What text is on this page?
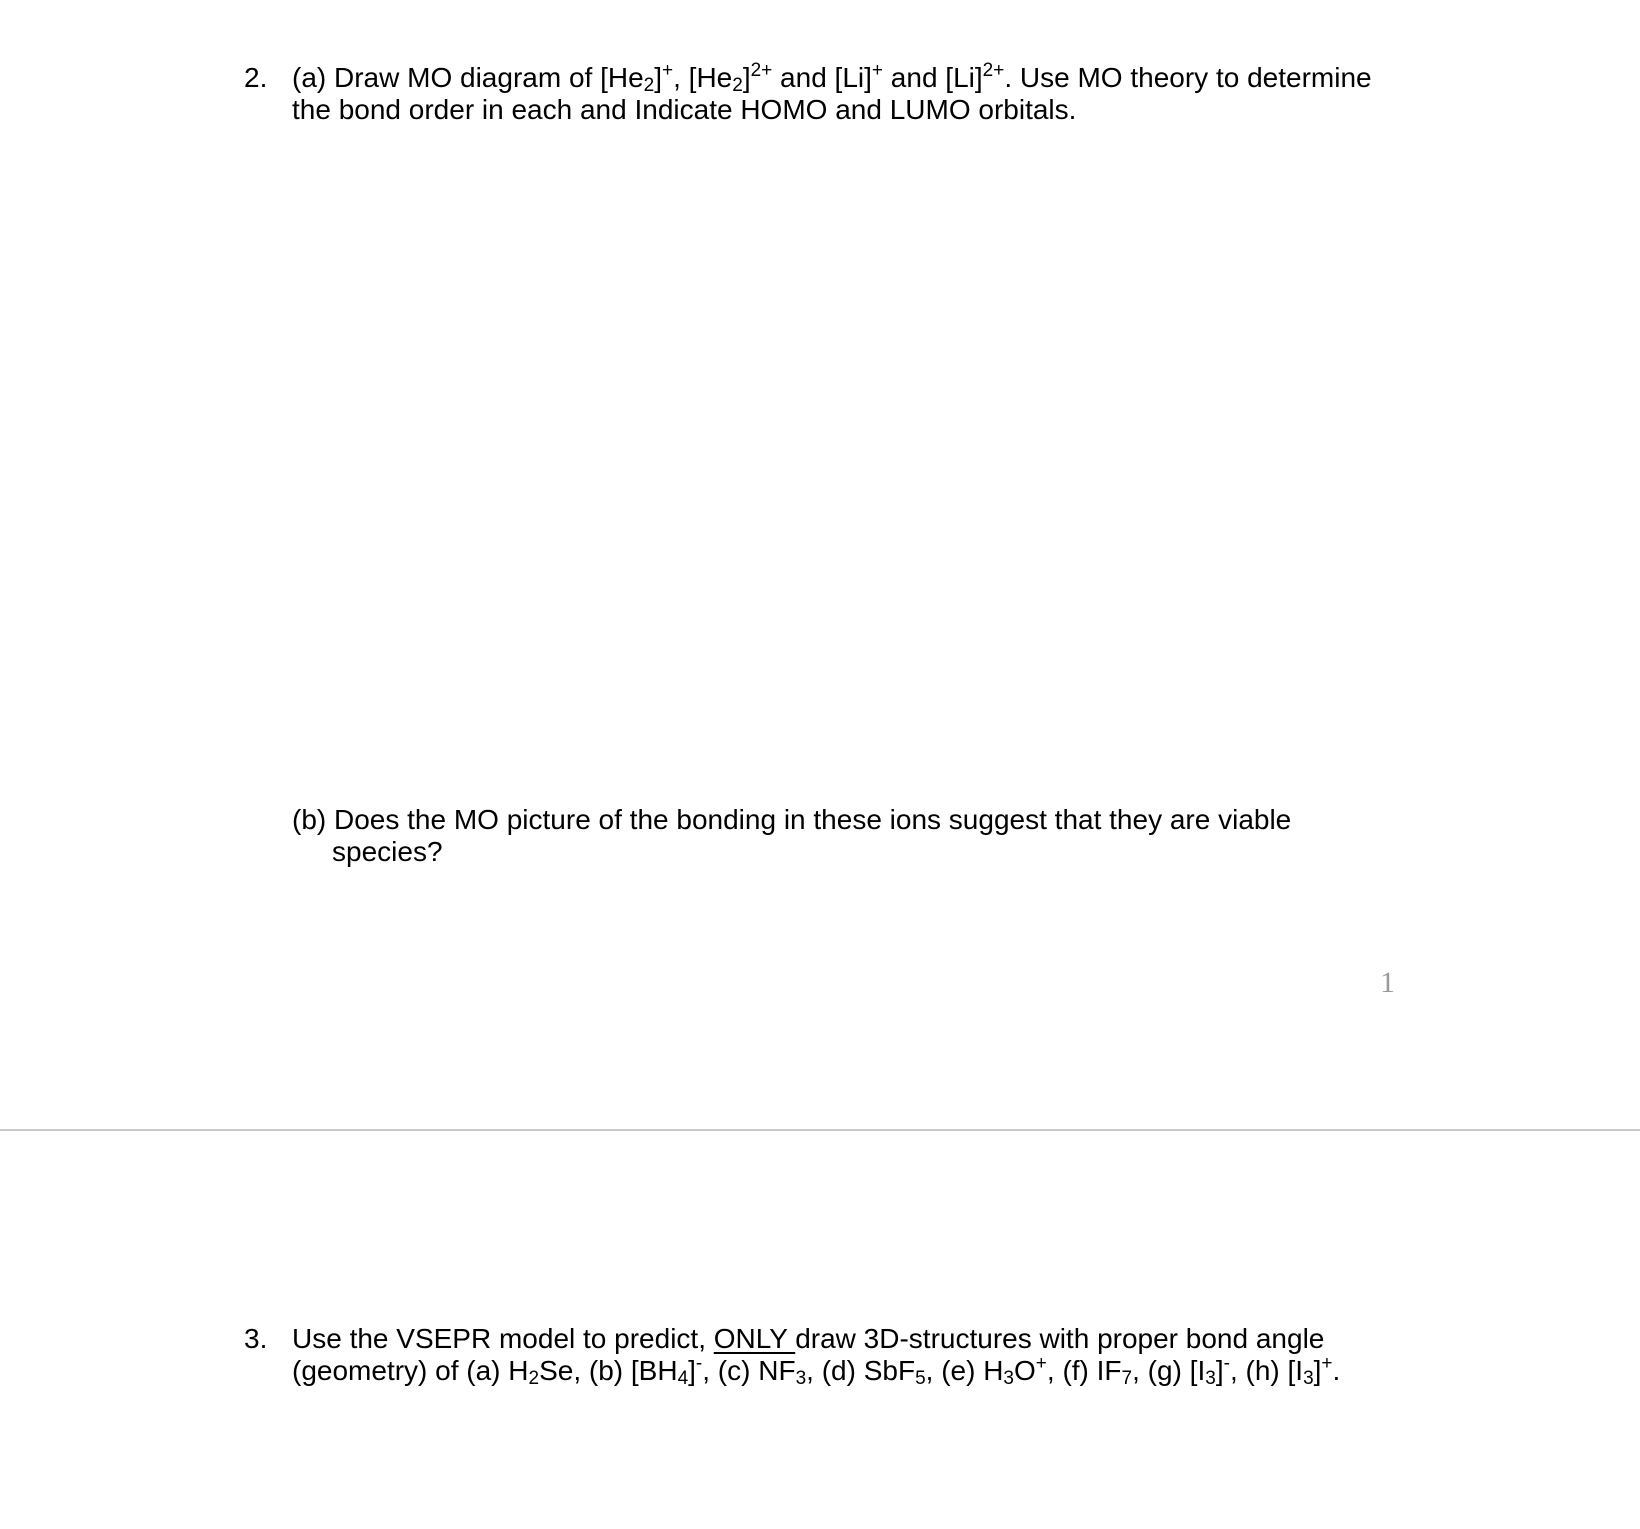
2. (a) Draw MO diagram of $[He_2]^+$, $[He_2]^{2+}$ and [Li]+ and $[Li]^{2+}$. Use MO theory to determine
the bond order in each and Indicate HOMO and LUMO orbitals.
(b) Does the MO picture of the bonding in these ions suggest that they are viable
species?
1
3. Use the VSEPR model to predict, ONLY draw 3D-structures with proper bond angle
(geometry) of (a) $H_2Se$, (b) $[BH_4]^-$, (c) $NF_3$, (d) SbF$_5$, (e) $H_3O^+$, (f) $IF_7$, (g) $[I_3]^-$, (h) $[I_3]^+$.
